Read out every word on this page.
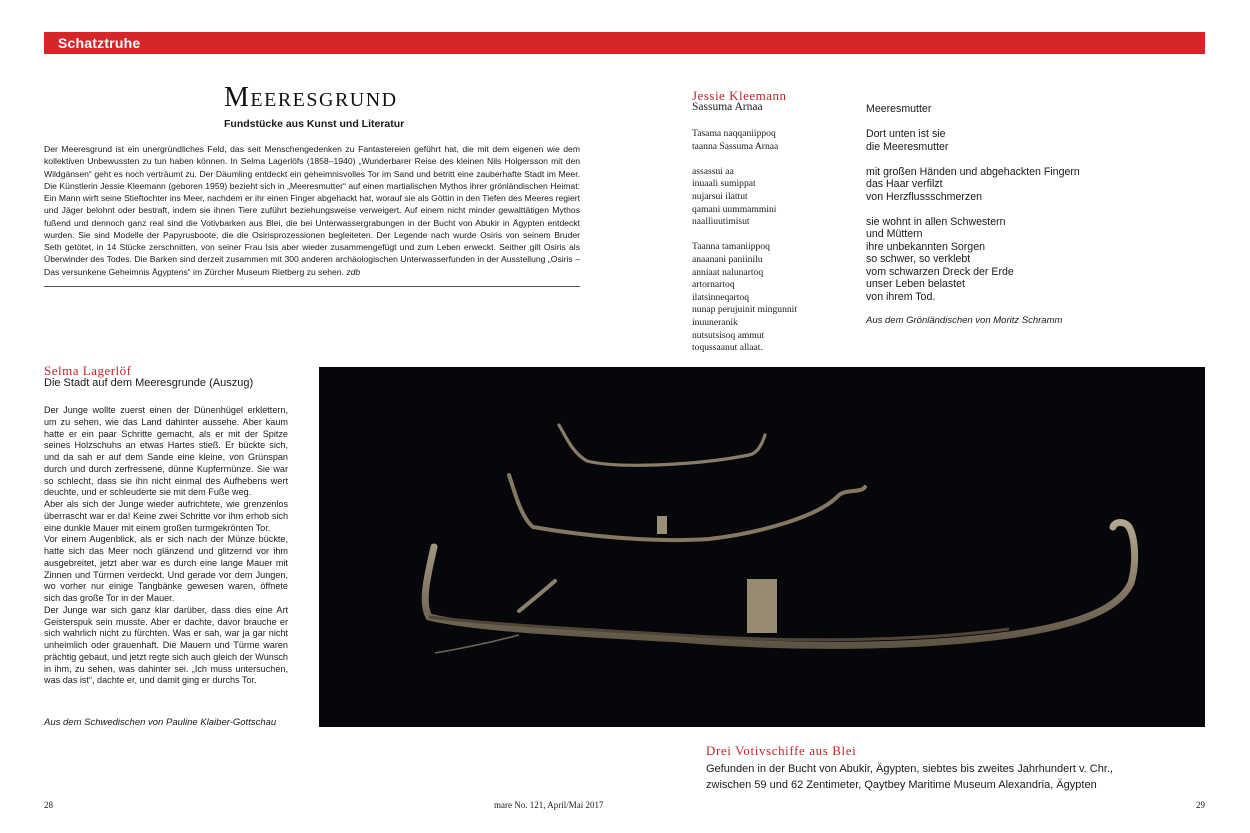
Schatztruhe
Meeresgrund
Fundstücke aus Kunst und Literatur

Der Meeresgrund ist ein unergründliches Feld, das seit Menschengedenken zu Fantastereien geführt hat, die mit dem eigenen wie dem kollektiven Unbewussten zu tun haben können. In Selma Lagerlöfs (1858–1940) „Wunderbarer Reise des kleinen Nils Holgersson mit den Wildgänsen“ geht es noch verträumt zu. Der Däumling entdeckt ein geheimnisvolles Tor im Sand und betritt eine zauberhafte Stadt im Meer. Die Künstlerin Jessie Kleemann (geboren 1959) bezieht sich in „Meeresmutter“ auf einen martialischen Mythos ihrer grönländischen Heimat: Ein Mann wirft seine Stieftochter ins Meer, nachdem er ihr einen Finger abgehackt hat, worauf sie als Göttin in den Tiefen des Meeres regiert und Jäger belohnt oder bestraft, indem sie ihnen Tiere zuführt beziehungsweise verweigert. Auf einem nicht minder gewalttätigen Mythos fußend und dennoch ganz real sind die Votivbarken aus Blei, die bei Unterwassergrabungen in der Bucht von Abukir in Ägypten entdeckt wurden. Sie sind Modelle der Papyrusboote, die die Osirisprozessionen begleiteten. Der Legende nach wurde Osiris von seinem Bruder Seth getötet, in 14 Stücke zerschnitten, von seiner Frau Isis aber wieder zusammengefügt und zum Leben erweckt. Seither gilt Osiris als Überwinder des Todes. Die Barken sind derzeit zusammen mit 300 anderen archäologischen Unterwasserfunden in der Ausstellung „Osiris – Das versunkene Geheimnis Ägyptens“ im Zürcher Museum Rietberg zu sehen. zdb

Jessie Kleemann
Sassuma Arnaa
Tasama naqqaniippoq
taanna Sassuma Arnaa
assassui aa
inuaali sumippat
nujarsui ilattut
qamani uummammini
naalliuutimisut
Taanna tamaniippoq
anaanani paniinilu
anniaat nalunartoq
artornartoq
ilatsinneqartoq
nunap perujuinit mingunnit
inuuneranik
nutsutsisoq ammut
toqussaanut allaat.
Meeresmutter
Dort unten ist sie
die Meeresmutter
mit großen Händen und abgehackten Fingern
das Haar verfilzt
von Herzflussschmerzen
sie wohnt in allen Schwestern
und Müttern
ihre unbekannten Sorgen
so schwer, so verklebt
vom schwarzen Dreck der Erde
unser Leben belastet
von ihrem Tod.
Aus dem Grönländischen von Moritz Schramm
Selma Lagerlöf
Die Stadt auf dem Meeresgrunde (Auszug)

Der Junge wollte zuerst einen der Dünenhügel erklettern, um zu sehen, wie das Land dahinter aussehe. Aber kaum hatte er ein paar Schritte gemacht, als er mit der Spitze seines Holzschuhs an etwas Hartes stieß. Er bückte sich, und da sah er auf dem Sande eine kleine, von Grünspan durch und durch zerfressene, dünne Kupfermünze. Sie war so schlecht, dass sie ihn nicht einmal des Aufhebens wert deuchte, und er schleuderte sie mit dem Fuße weg.

Aber als sich der Junge wieder aufrichtete, wie grenzenlos überrascht war er da! Keine zwei Schritte vor ihm erhob sich eine dunkle Mauer mit einem großen turmgekrönten Tor.

Vor einem Augenblick, als er sich nach der Münze bückte, hatte sich das Meer noch glänzend und glitzernd vor ihm ausgebreitet, jetzt aber war es durch eine lange Mauer mit Zinnen und Türmen verdeckt. Und gerade vor dem Jungen, wo vorher nur einige Tangbänke gewesen waren, öffnete sich das große Tor in der Mauer.

Der Junge war sich ganz klar darüber, dass dies eine Art Geisterspuk sein musste. Aber er dachte, davor brauche er sich wahrlich nicht zu fürchten. Was er sah, war ja gar nicht unheimlich oder grauenhaft. Die Mauern und Türme waren prächtig gebaut, und jetzt regte sich auch gleich der Wunsch in ihm, zu sehen, was dahinter sei. „Ich muss untersuchen, was das ist“, dachte er, und damit ging er durchs Tor.

Aus dem Schwedischen von Pauline Klaiber-Gottschau
Drei Votivschiffe aus Blei
Gefunden in der Bucht von Abukir, Ägypten, siebtes bis zweites Jahrhundert v. Chr.,
zwischen 59 und 62 Zentimeter, Qaytbey Maritime Museum Alexandria, Ägypten
28	mare No. 121, April/Mai 2017	29
